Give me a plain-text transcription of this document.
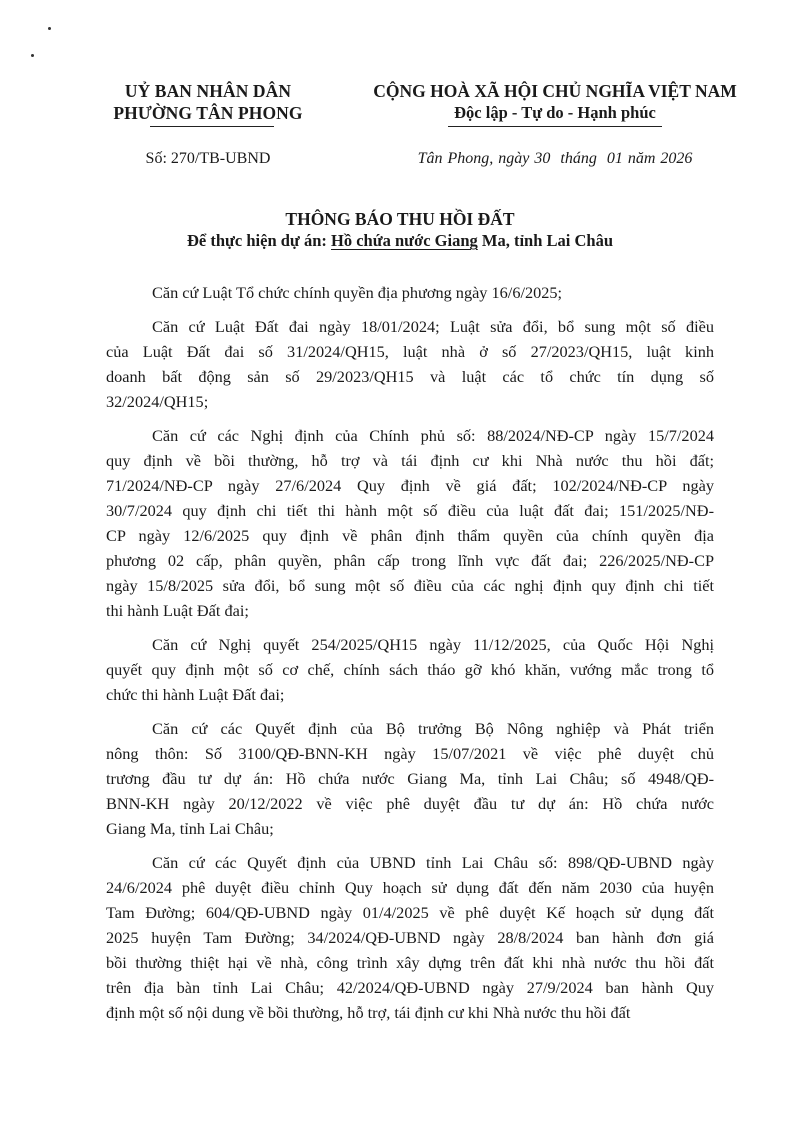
UỶ BAN NHÂN DÂN
PHƯỜNG TÂN PHONG
CỘNG HOÀ XÃ HỘI CHỦ NGHĨA VIỆT NAM
Độc lập - Tự do - Hạnh phúc
Số: 270/TB-UBND	Tân Phong, ngày 30  tháng  01 năm 2026
THÔNG BÁO THU HỒI ĐẤT
Để thực hiện dự án: Hồ chứa nước Giang Ma, tỉnh Lai Châu
Căn cứ Luật Tổ chức chính quyền địa phương ngày 16/6/2025;
Căn cứ Luật Đất đai ngày 18/01/2024; Luật sửa đổi, bổ sung một số điều
của Luật Đất đai số 31/2024/QH15, luật nhà ở số 27/2023/QH15, luật kinh
doanh bất động sản số 29/2023/QH15 và luật các tổ chức tín dụng số
32/2024/QH15;
Căn cứ các Nghị định của Chính phủ số: 88/2024/NĐ-CP ngày 15/7/2024
quy định về bồi thường, hỗ trợ và tái định cư khi Nhà nước thu hồi đất;
71/2024/NĐ-CP ngày 27/6/2024 Quy định về giá đất; 102/2024/NĐ-CP ngày
30/7/2024 quy định chi tiết thi hành một số điều của luật đất đai; 151/2025/NĐ-
CP ngày 12/6/2025 quy định về phân định thẩm quyền của chính quyền địa
phương 02 cấp, phân quyền, phân cấp trong lĩnh vực đất đai; 226/2025/NĐ-CP
ngày 15/8/2025 sửa đổi, bổ sung một số điều của các nghị định quy định chi tiết
thi hành Luật Đất đai;
Căn cứ Nghị quyết 254/2025/QH15 ngày 11/12/2025, của Quốc Hội Nghị
quyết quy định một số cơ chế, chính sách tháo gỡ khó khăn, vướng mắc trong tổ
chức thi hành Luật Đất đai;
Căn cứ các Quyết định của Bộ trưởng Bộ Nông nghiệp và Phát triển
nông thôn: Số 3100/QĐ-BNN-KH ngày 15/07/2021 về việc phê duyệt chủ
trương đầu tư dự án: Hồ chứa nước Giang Ma, tỉnh Lai Châu; số 4948/QĐ-
BNN-KH ngày 20/12/2022 về việc phê duyệt đầu tư dự án: Hồ chứa nước
Giang Ma, tỉnh Lai Châu;
Căn cứ các Quyết định của UBND tỉnh Lai Châu số: 898/QĐ-UBND ngày
24/6/2024 phê duyệt điều chỉnh Quy hoạch sử dụng đất đến năm 2030 của huyện
Tam Đường; 604/QĐ-UBND ngày 01/4/2025 về phê duyệt Kế hoạch sử dụng đất
2025 huyện Tam Đường; 34/2024/QĐ-UBND ngày 28/8/2024 ban hành đơn giá
bồi thường thiệt hại về nhà, công trình xây dựng trên đất khi nhà nước thu hồi đất
trên địa bàn tỉnh Lai Châu; 42/2024/QĐ-UBND ngày 27/9/2024 ban hành Quy
định một số nội dung về bồi thường, hỗ trợ, tái định cư khi Nhà nước thu hồi đất
